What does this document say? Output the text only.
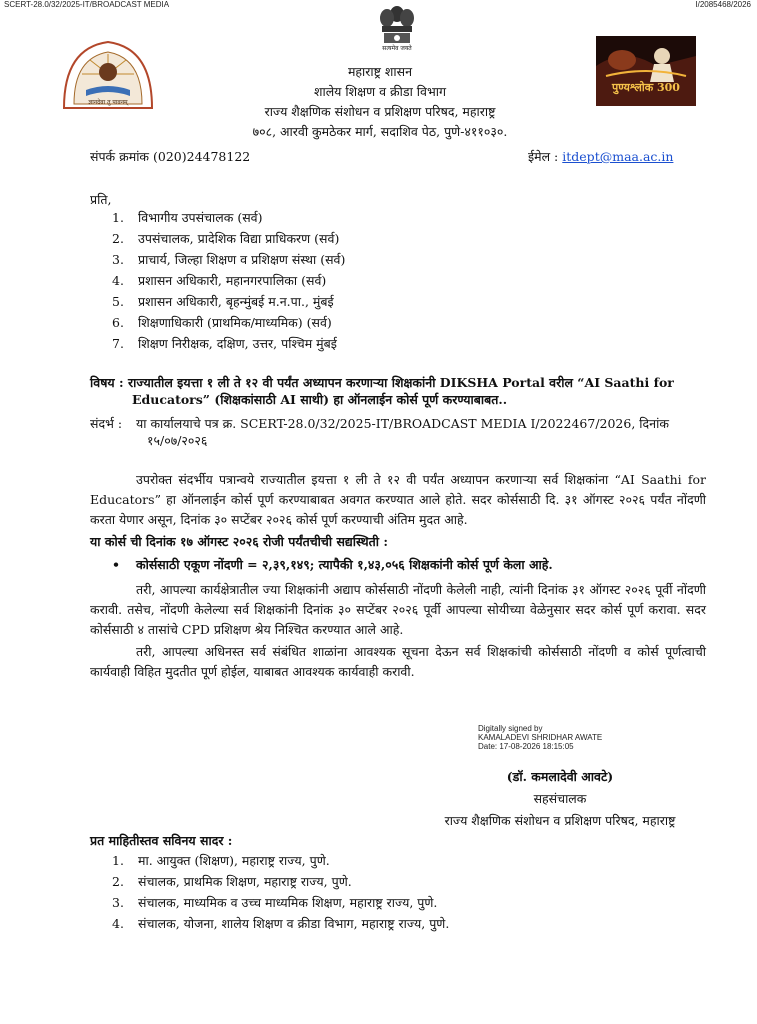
SCERT-28.0/32/2025-IT/BROADCAST MEDIA	I/2085468/2026
सत्यमेव जयते
ज्ञानदेवा तु पावनम्
पुण्यश्लोक 300
महाराष्ट्र शासन
शालेय शिक्षण व क्रीडा विभाग
राज्य शैक्षणिक संशोधन व प्रशिक्षण परिषद, महाराष्ट्र
७०८, आरवी कुमठेकर मार्ग, सदाशिव पेठ, पुणे-४११०३०.
संपर्क क्रमांक (020)24478122	ईमेल : itdept@maa.ac.in
प्रति,
1.	विभागीय उपसंचालक (सर्व)
2.	उपसंचालक, प्रादेशिक विद्या प्राधिकरण (सर्व)
3.	प्राचार्य, जिल्हा शिक्षण व प्रशिक्षण संस्था (सर्व)
4.	प्रशासन अधिकारी, महानगरपालिका (सर्व)
5.	प्रशासन अधिकारी, बृहन्मुंबई म.न.पा., मुंबई
6.	शिक्षणाधिकारी (प्राथमिक/माध्यमिक) (सर्व)
7.	शिक्षण निरीक्षक, दक्षिण, उत्तर, पश्चिम मुंबई
विषय : राज्यातील इयत्ता १ ली ते १२ वी पर्यंत अध्यापन करणाऱ्या शिक्षकांनी DIKSHA Portal वरील “AI Saathi for
Educators” (शिक्षकांसाठी AI साथी) हा ऑनलाईन कोर्स पूर्ण करण्याबाबत..
संदर्भ :	या कार्यालयाचे पत्र क्र. SCERT-28.0/32/2025-IT/BROADCAST MEDIA I/2022467/2026, दिनांक
१५/०७/२०२६
उपरोक्त संदर्भीय पत्रान्वये राज्यातील इयत्ता १ ली ते १२ वी पर्यंत अध्यापन करणाऱ्या सर्व शिक्षकांना “AI Saathi for Educators” हा ऑनलाईन कोर्स पूर्ण करण्याबाबत अवगत करण्यात आले होते. सदर कोर्ससाठी दि. ३१ ऑगस्ट २०२६ पर्यंत नोंदणी करता येणार असून, दिनांक ३० सप्टेंबर २०२६ कोर्स पूर्ण करण्याची अंतिम मुदत आहे.
या कोर्स ची दिनांक १७ ऑगस्ट २०२६ रोजी पर्यंतचीची सद्यस्थिती :
•	कोर्ससाठी एकूण नोंदणी = २,३९,१४९; त्यापैकी १,४३,०५६ शिक्षकांनी कोर्स पूर्ण केला आहे.
तरी, आपल्या कार्यक्षेत्रातील ज्या शिक्षकांनी अद्याप कोर्ससाठी नोंदणी केलेली नाही, त्यांनी दिनांक ३१ ऑगस्ट २०२६ पूर्वी नोंदणी करावी. तसेच, नोंदणी केलेल्या सर्व शिक्षकांनी दिनांक ३० सप्टेंबर २०२६ पूर्वी आपल्या सोयीच्या वेळेनुसार सदर कोर्स पूर्ण करावा. सदर कोर्ससाठी ४ तासांचे CPD प्रशिक्षण श्रेय निश्चित करण्यात आले आहे.
तरी, आपल्या अधिनस्त सर्व संबंधित शाळांना आवश्यक सूचना देऊन सर्व शिक्षकांची कोर्ससाठी नोंदणी व कोर्स पूर्णत्वाची कार्यवाही विहित मुदतीत पूर्ण होईल, याबाबत आवश्यक कार्यवाही करावी.
Digitally signed by
KAMALADEVI SHRIDHAR AWATE
Date: 17-08-2026 18:15:05
(डॉ. कमलादेवी आवटे)
सहसंचालक
राज्य शैक्षणिक संशोधन व प्रशिक्षण परिषद, महाराष्ट्र
प्रत माहितीस्तव सविनय सादर :
1.	मा. आयुक्त (शिक्षण), महाराष्ट्र राज्य, पुणे.
2.	संचालक, प्राथमिक शिक्षण, महाराष्ट्र राज्य, पुणे.
3.	संचालक, माध्यमिक व उच्च माध्यमिक शिक्षण, महाराष्ट्र राज्य, पुणे.
4.	संचालक, योजना, शालेय शिक्षण व क्रीडा विभाग, महाराष्ट्र राज्य, पुणे.
